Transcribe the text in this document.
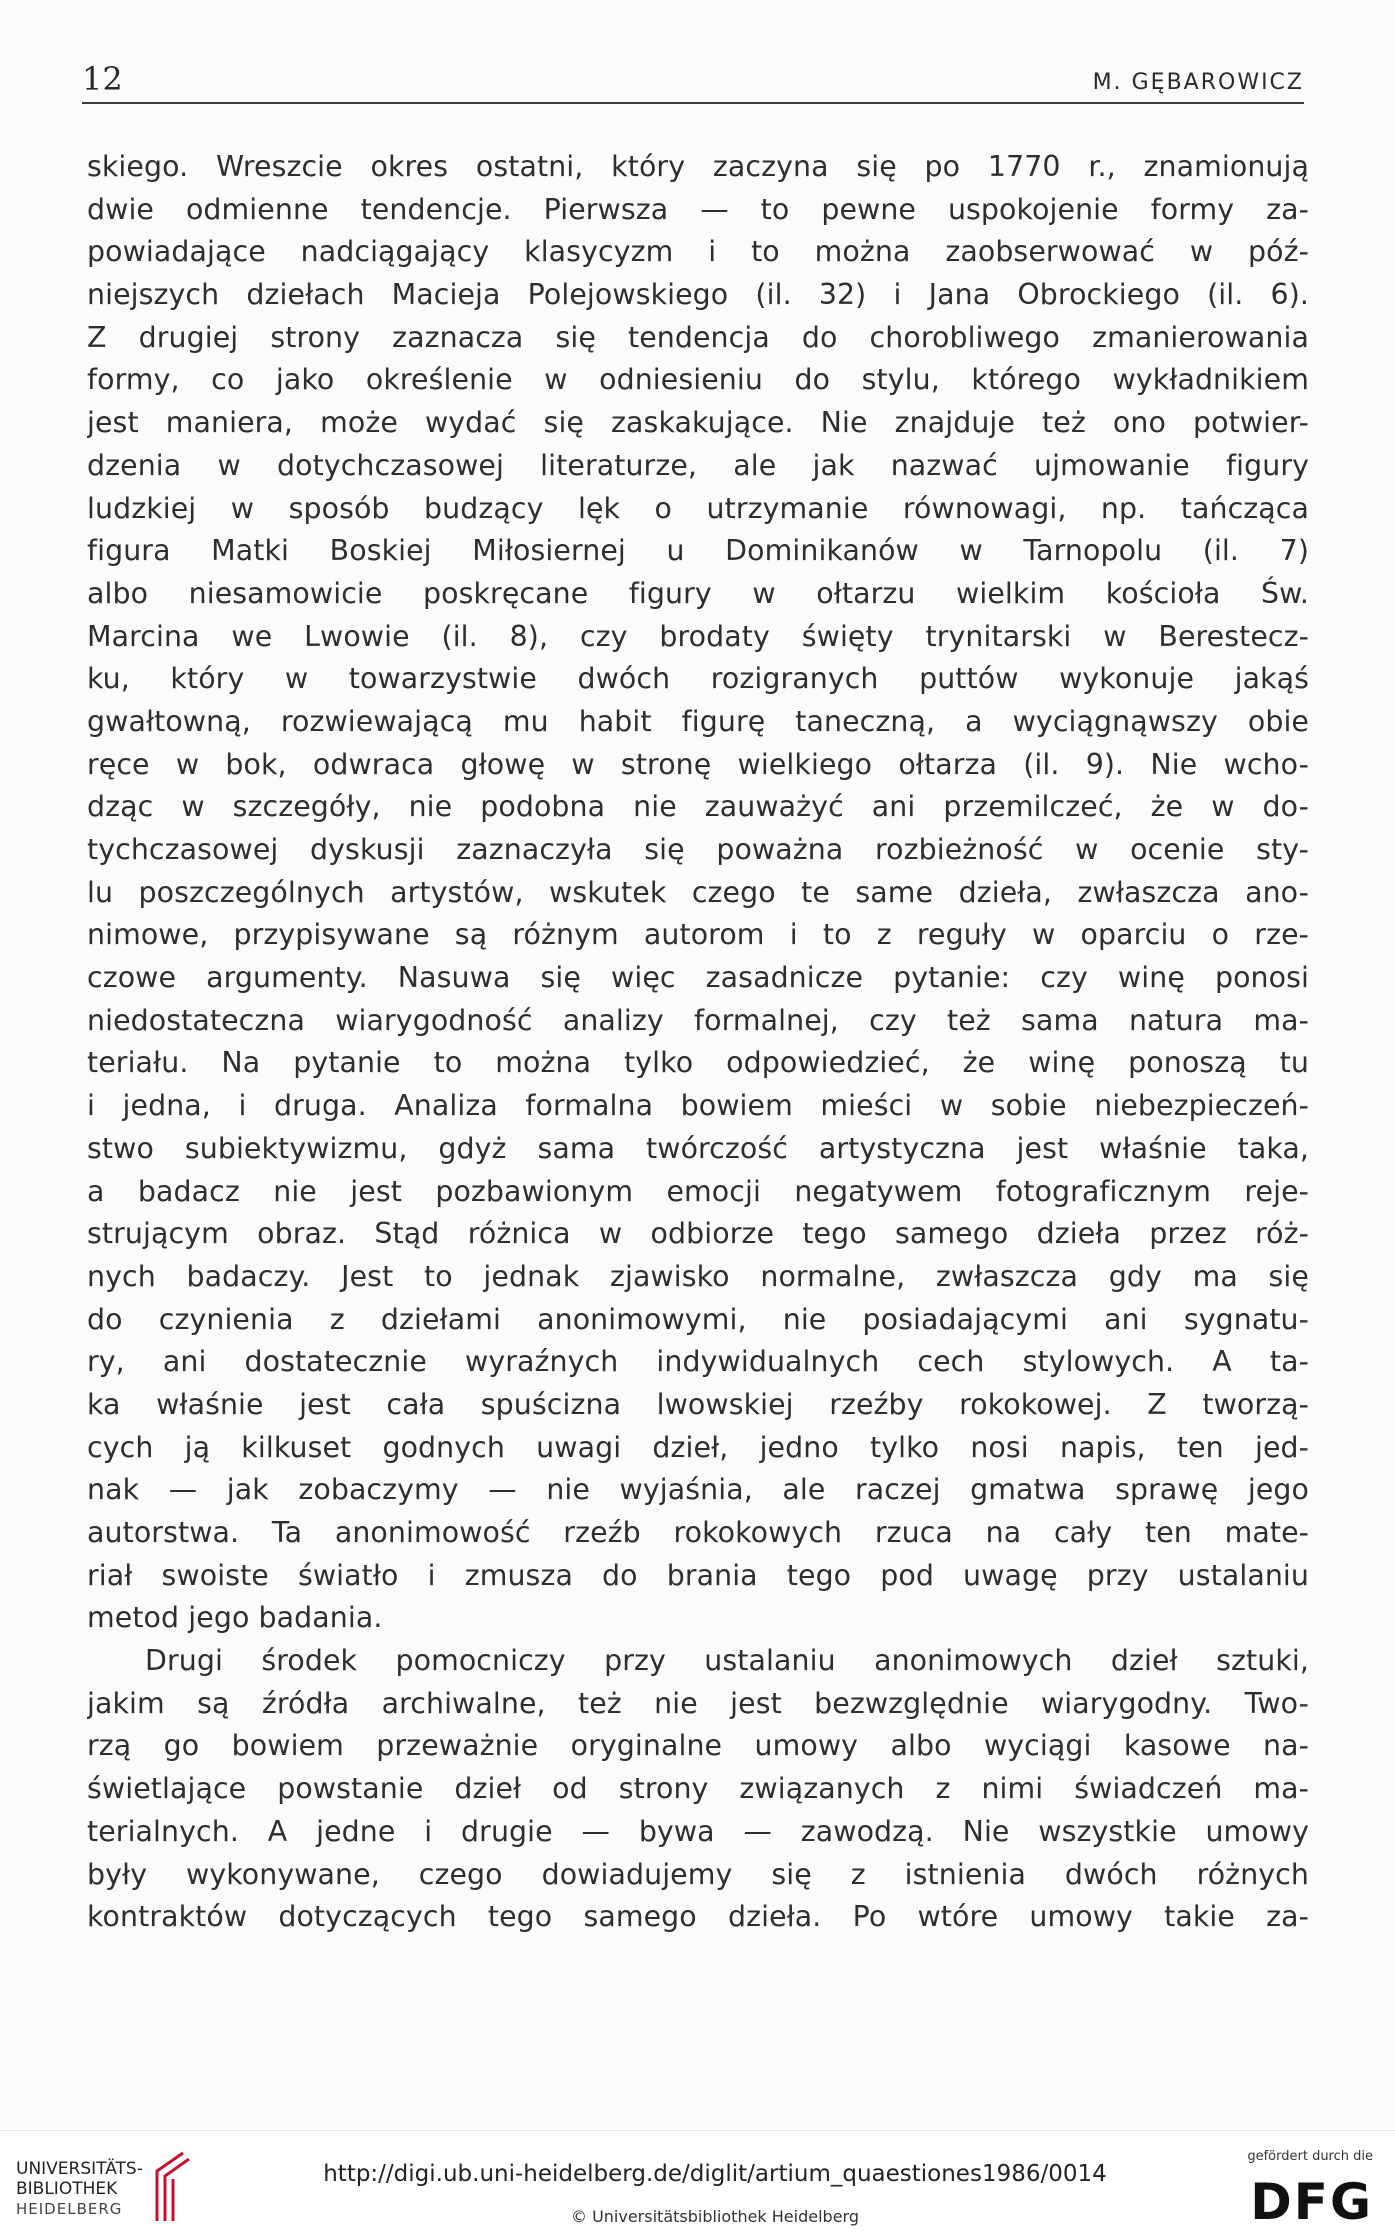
12	M. GĘBAROWICZ
skiego. Wreszcie okres ostatni, który zaczyna się po 1770 r., znamionują
dwie odmienne tendencje. Pierwsza — to pewne uspokojenie formy za-
powiadające nadciągający klasycyzm i to można zaobserwować w póź-
niejszych dziełach Macieja Polejowskiego (il. 32) i Jana Obrockiego (il. 6).
Z drugiej strony zaznacza się tendencja do chorobliwego zmanierowania
formy, co jako określenie w odniesieniu do stylu, którego wykładnikiem
jest maniera, może wydać się zaskakujące. Nie znajduje też ono potwier-
dzenia w dotychczasowej literaturze, ale jak nazwać ujmowanie figury
ludzkiej w sposób budzący lęk o utrzymanie równowagi, np. tańcząca
figura Matki Boskiej Miłosiernej u Dominikanów w Tarnopolu (il. 7)
albo niesamowicie poskręcane figury w ołtarzu wielkim kościoła Św.
Marcina we Lwowie (il. 8), czy brodaty święty trynitarski w Berestecz-
ku, który w towarzystwie dwóch rozigranych puttów wykonuje jakąś
gwałtowną, rozwiewającą mu habit figurę taneczną, a wyciągnąwszy obie
ręce w bok, odwraca głowę w stronę wielkiego ołtarza (il. 9). Nie wcho-
dząc w szczegóły, nie podobna nie zauważyć ani przemilczeć, że w do-
tychczasowej dyskusji zaznaczyła się poważna rozbieżność w ocenie sty-
lu poszczególnych artystów, wskutek czego te same dzieła, zwłaszcza ano-
nimowe, przypisywane są różnym autorom i to z reguły w oparciu o rze-
czowe argumenty. Nasuwa się więc zasadnicze pytanie: czy winę ponosi
niedostateczna wiarygodność analizy formalnej, czy też sama natura ma-
teriału. Na pytanie to można tylko odpowiedzieć, że winę ponoszą tu
i jedna, i druga. Analiza formalna bowiem mieści w sobie niebezpieczeń-
stwo subiektywizmu, gdyż sama twórczość artystyczna jest właśnie taka,
a badacz nie jest pozbawionym emocji negatywem fotograficznym reje-
strującym obraz. Stąd różnica w odbiorze tego samego dzieła przez róż-
nych badaczy. Jest to jednak zjawisko normalne, zwłaszcza gdy ma się
do czynienia z dziełami anonimowymi, nie posiadającymi ani sygnatu-
ry, ani dostatecznie wyraźnych indywidualnych cech stylowych. A ta-
ka właśnie jest cała spuścizna lwowskiej rzeźby rokokowej. Z tworzą-
cych ją kilkuset godnych uwagi dzieł, jedno tylko nosi napis, ten jed-
nak — jak zobaczymy — nie wyjaśnia, ale raczej gmatwa sprawę jego
autorstwa. Ta anonimowość rzeźb rokokowych rzuca na cały ten mate-
riał swoiste światło i zmusza do brania tego pod uwagę przy ustalaniu
metod jego badania.
Drugi środek pomocniczy przy ustalaniu anonimowych dzieł sztuki,
jakim są źródła archiwalne, też nie jest bezwzględnie wiarygodny. Two-
rzą go bowiem przeważnie oryginalne umowy albo wyciągi kasowe na-
świetlające powstanie dzieł od strony związanych z nimi świadczeń ma-
terialnych. A jedne i drugie — bywa — zawodzą. Nie wszystkie umowy
były wykonywane, czego dowiadujemy się z istnienia dwóch różnych
kontraktów dotyczących tego samego dzieła. Po wtóre umowy takie za-
UNIVERSITÄTS-
BIBLIOTHEK
HEIDELBERG
http://digi.ub.uni-heidelberg.de/diglit/artium_quaestiones1986/0014
© Universitätsbibliothek Heidelberg
gefördert durch die
DFG
